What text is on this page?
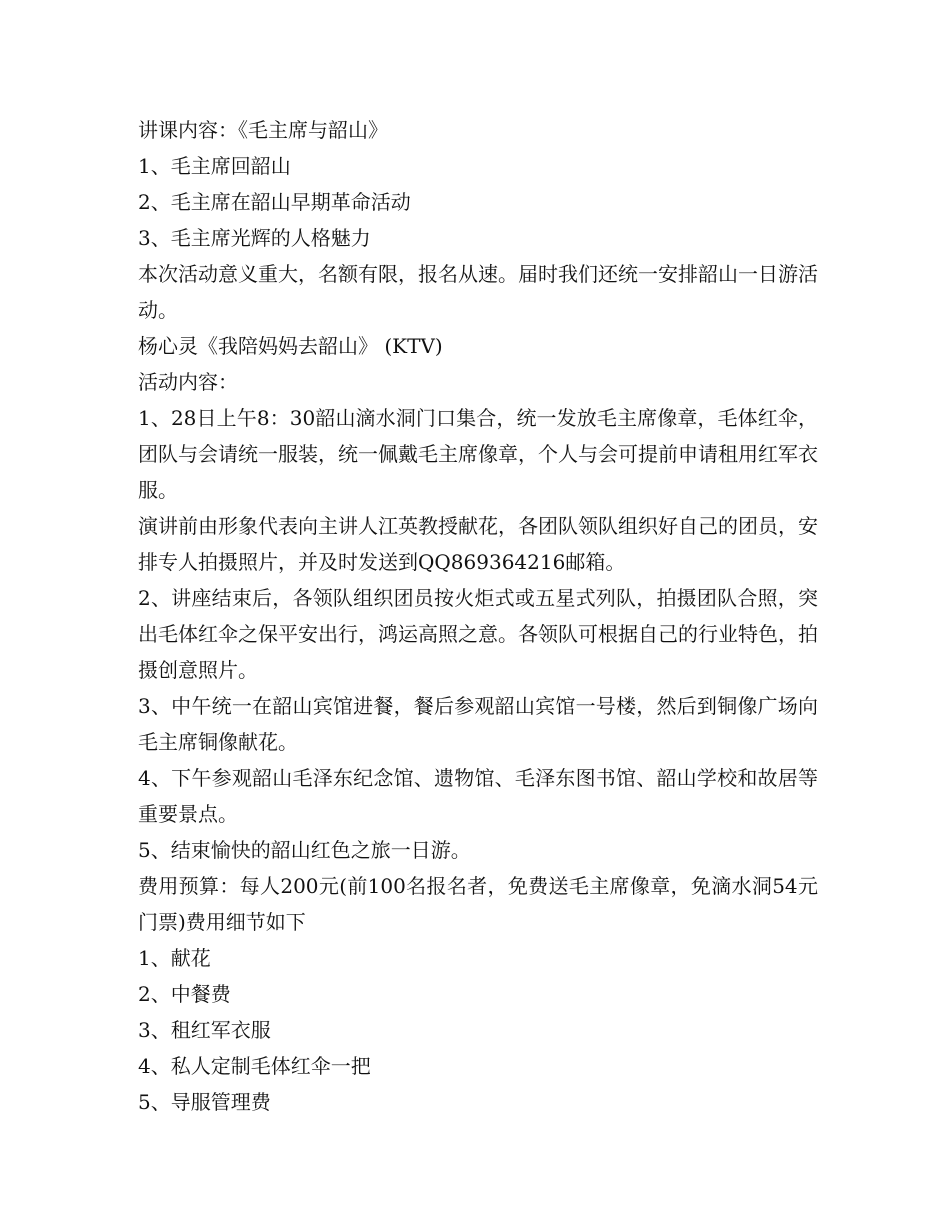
讲课内容：《毛主席与韶山》

1、毛主席回韶山

2、毛主席在韶山早期革命活动

3、毛主席光辉的人格魅力

本次活动意义重大，名额有限，报名从速。届时我们还统一安排韶山一日游活动。

杨心灵《我陪妈妈去韶山》 (KTV)

活动内容：

1、28日上午8：30韶山滴水洞门口集合，统一发放毛主席像章，毛体红伞，团队与会请统一服装，统一佩戴毛主席像章，个人与会可提前申请租用红军衣服。

演讲前由形象代表向主讲人江英教授献花，各团队领队组织好自己的团员，安排专人拍摄照片，并及时发送到QQ869364216邮箱。

2、讲座结束后，各领队组织团员按火炬式或五星式列队，拍摄团队合照，突出毛体红伞之保平安出行，鸿运高照之意。各领队可根据自己的行业特色，拍摄创意照片。

3、中午统一在韶山宾馆进餐，餐后参观韶山宾馆一号楼，然后到铜像广场向毛主席铜像献花。

4、下午参观韶山毛泽东纪念馆、遗物馆、毛泽东图书馆、韶山学校和故居等重要景点。

5、结束愉快的韶山红色之旅一日游。

费用预算：每人200元(前100名报名者，免费送毛主席像章，免滴水洞54元门票)费用细节如下

1、献花

2、中餐费

3、租红军衣服

4、私人定制毛体红伞一把

5、导服管理费
